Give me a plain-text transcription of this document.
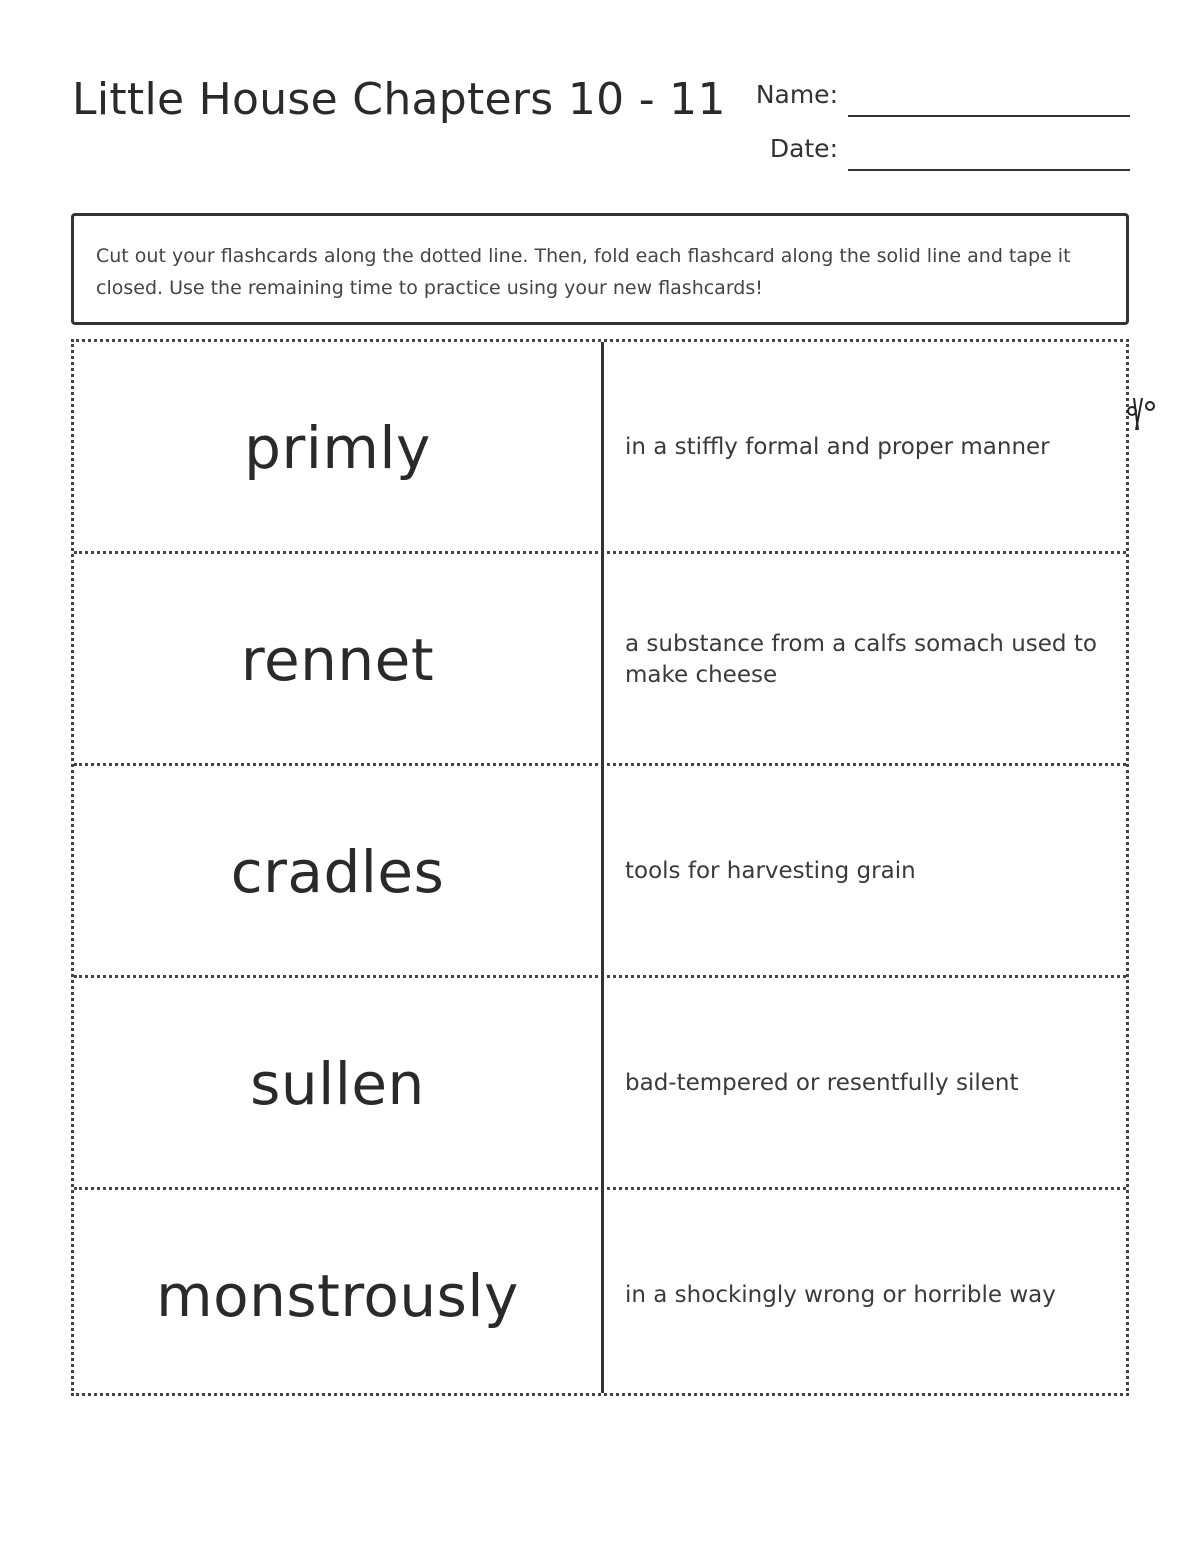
Little House Chapters 10 - 11 Name:
Date:
Cut out your flashcards along the dotted line. Then, fold each flashcard along the solid line and tape it closed. Use the remaining time to practice using your new flashcards!
primly	in a stiffly formal and proper manner
rennet	a substance from a calfs somach used to make cheese
cradles	tools for harvesting grain
sullen	bad-tempered or resentfully silent
monstrously	in a shockingly wrong or horrible way
